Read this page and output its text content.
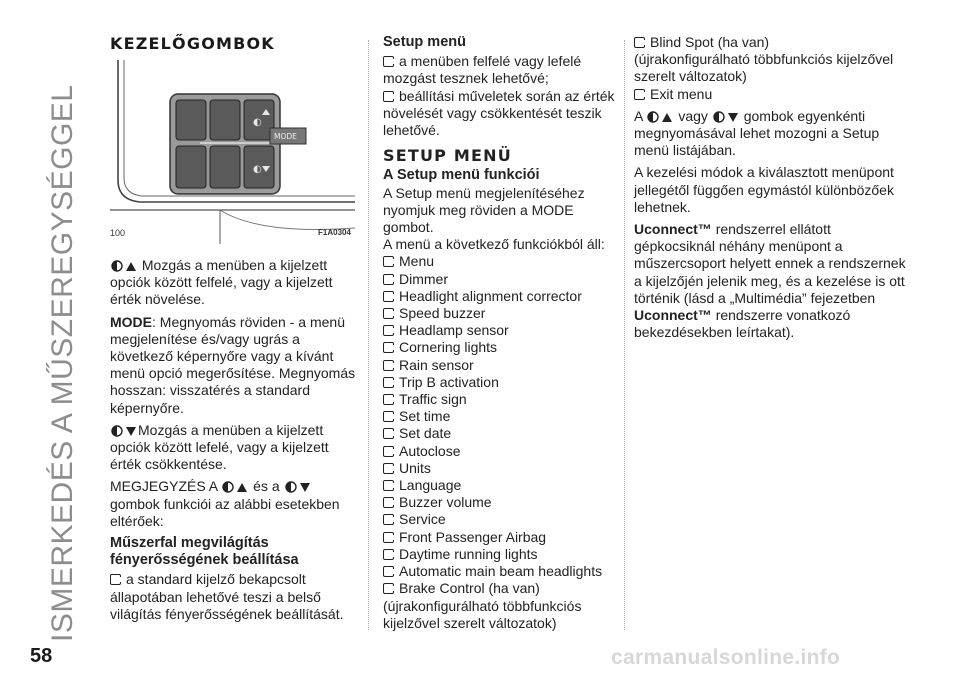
ISMERKEDÉS A MŰSZEREGYSÉGGEL
KEZELŐGOMBOK
◐
◐
MODE
100	F1A0304

Mozgás a menüben a kijelzett opciók között felfelé, vagy a kijelzett érték növelése.

MODE: Megnyomás röviden - a menü megjelenítése és/vagy ugrás a következő képernyőre vagy a kívánt menü opció megerősítése. Megnyomás hosszan: visszatérés a standard képernyőre.

Mozgás a menüben a kijelzett opciók között lefelé, vagy a kijelzett érték csökkentése.

MEGJEGYZÉS A	és a  gombok funkciói az alábbi esetekben eltérőek:

Műszerfal megvilágítás fényerősségének beállítása

a standard kijelző bekapcsolt állapotában lehetővé teszi a belső világítás fényerősségének beállítását.

Setup menü

a menüben felfelé vagy lefelé mozgást tesznek lehetővé;

beállítási műveletek során az érték növelését vagy csökkentését teszik lehetővé.

SETUP MENÜ

A Setup menü funkciói

A Setup menü megjelenítéséhez nyomjuk meg röviden a MODE gombot.

A menü a következő funkciókból áll:

Menu
Dimmer
Headlight alignment corrector
Speed buzzer
Headlamp sensor
Cornering lights
Rain sensor
Trip B activation
Traffic sign
Set time
Set date
Autoclose
Units
Language
Buzzer volume
Service
Front Passenger Airbag
Daytime running lights
Automatic main beam headlights
Brake Control (ha van)

(újrakonfigurálható többfunkciós kijelzővel szerelt változatok)

Blind Spot (ha van)
(újrakonfigurálható többfunkciós kijelzővel szerelt változatok)
Exit menu

A	vagy	gombok egyenkénti megnyomásával lehet mozogni a Setup menü listájában.

A kezelési módok a kiválasztott menüpont jellegétől függően egymástól különbözőek lehetnek.

Uconnect™ rendszerrel ellátott gépkocsiknál néhány menüpont a műszercsoport helyett ennek a rendszernek a kijelzőjén jelenik meg, és a kezelése is ott történik (lásd a „Multimédia” fejezetben Uconnect™ rendszerre vonatkozó bekezdésekben leírtakat).

58	carmanualsonline.info
